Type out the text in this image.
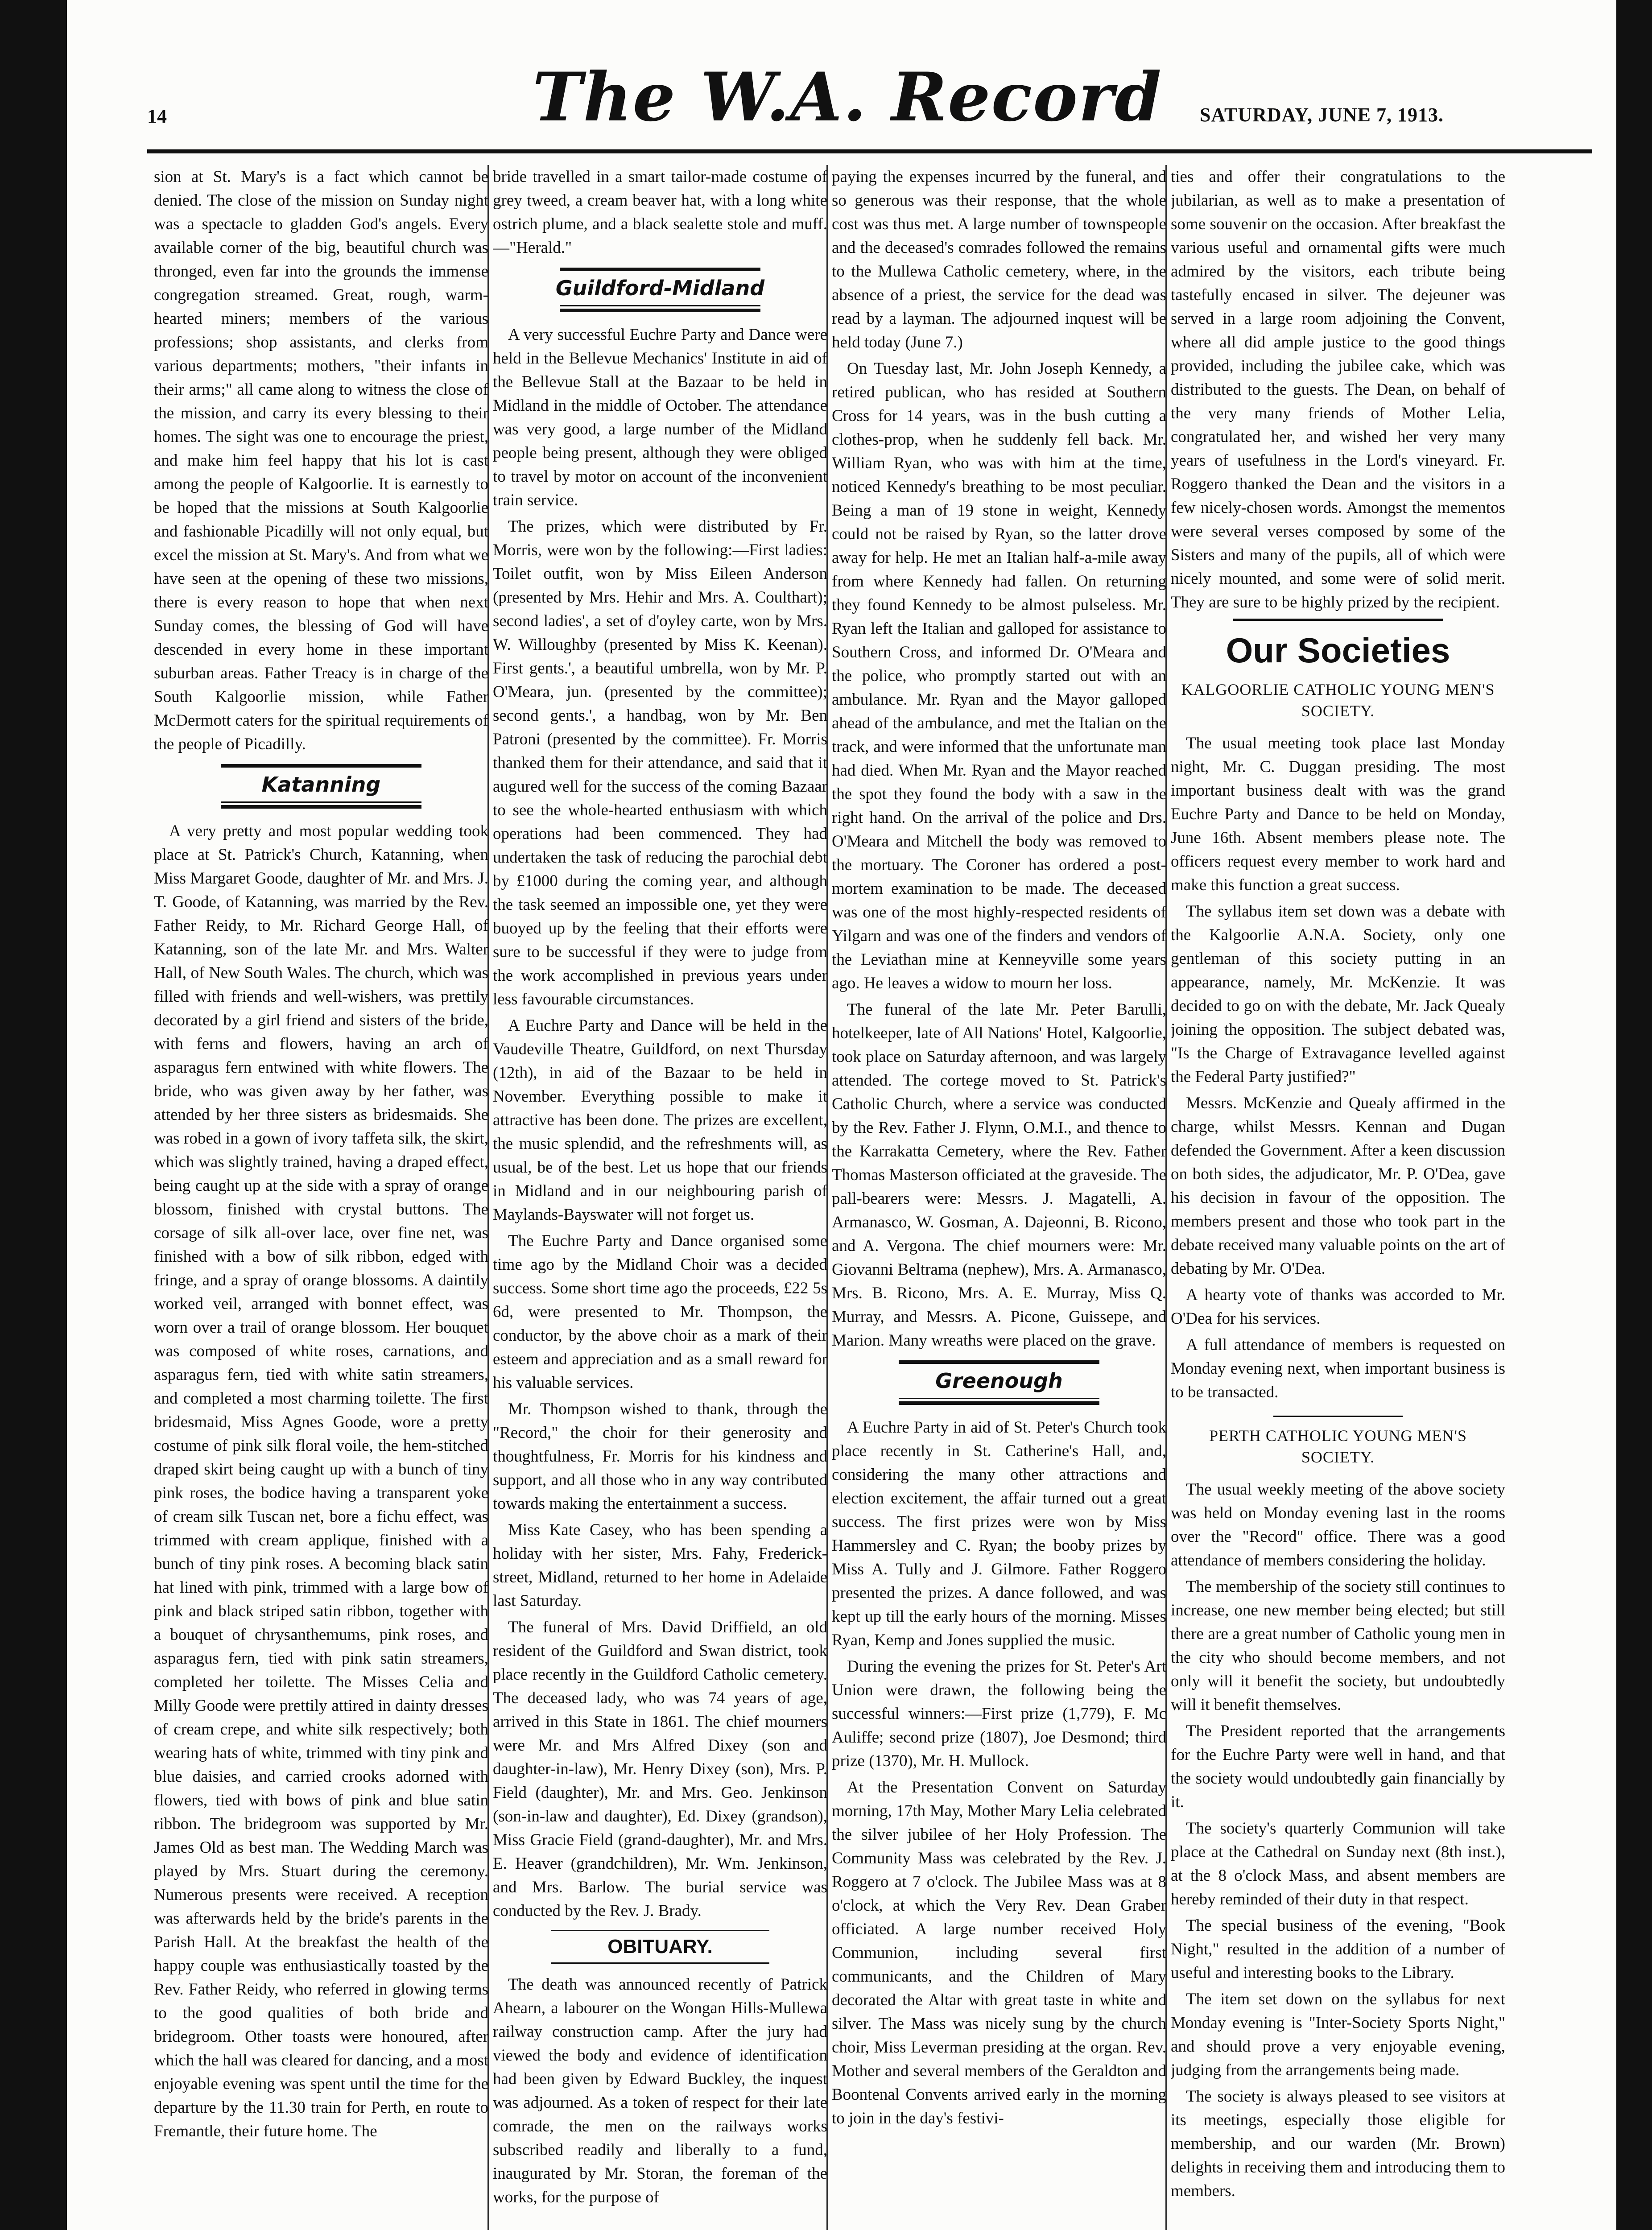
14	The W.A. Record	SATURDAY, JUNE 7, 1913.

sion at St. Mary's is a fact which cannot be denied. The close of the mission on Sunday night was a spectacle to gladden God's angels. Every available corner of the big, beautiful church was thronged, even far into the grounds the immense congregation streamed. Great, rough, warm-hearted miners; members of the various professions; shop assistants, and clerks from various departments; mothers, "their infants in their arms;" all came along to witness the close of the mission, and carry its every blessing to their homes. The sight was one to encourage the priest, and make him feel happy that his lot is cast among the people of Kalgoorlie. It is earnestly to be hoped that the missions at South Kalgoorlie and fashionable Picadilly will not only equal, but excel the mission at St. Mary's. And from what we have seen at the opening of these two missions, there is every reason to hope that when next Sunday comes, the blessing of God will have descended in every home in these important suburban areas. Father Treacy is in charge of the South Kalgoorlie mission, while Father McDermott caters for the spiritual requirements of the people of Picadilly.

Katanning

A very pretty and most popular wedding took place at St. Patrick's Church, Katanning, when Miss Margaret Goode, daughter of Mr. and Mrs. J. T. Goode, of Katanning, was married by the Rev. Father Reidy, to Mr. Richard George Hall, of Katanning, son of the late Mr. and Mrs. Walter Hall, of New South Wales. The church, which was filled with friends and well-wishers, was prettily decorated by a girl friend and sisters of the bride, with ferns and flowers, having an arch of asparagus fern entwined with white flowers. The bride, who was given away by her father, was attended by her three sisters as bridesmaids. She was robed in a gown of ivory taffeta silk, the skirt, which was slightly trained, having a draped effect, being caught up at the side with a spray of orange blossom, finished with crystal buttons. The corsage of silk all-over lace, over fine net, was finished with a bow of silk ribbon, edged with fringe, and a spray of orange blossoms. A daintily worked veil, arranged with bonnet effect, was worn over a trail of orange blossom. Her bouquet was composed of white roses, carnations, and asparagus fern, tied with white satin streamers, and completed a most charming toilette. The first bridesmaid, Miss Agnes Goode, wore a pretty costume of pink silk floral voile, the hem-stitched draped skirt being caught up with a bunch of tiny pink roses, the bodice having a transparent yoke of cream silk Tuscan net, bore a fichu effect, was trimmed with cream applique, finished with a bunch of tiny pink roses. A becoming black satin hat lined with pink, trimmed with a large bow of pink and black striped satin ribbon, together with a bouquet of chrysanthemums, pink roses, and asparagus fern, tied with pink satin streamers, completed her toilette. The Misses Celia and Milly Goode were prettily attired in dainty dresses of cream crepe, and white silk respectively; both wearing hats of white, trimmed with tiny pink and blue daisies, and carried crooks adorned with flowers, tied with bows of pink and blue satin ribbon. The bridegroom was supported by Mr. James Old as best man. The Wedding March was played by Mrs. Stuart during the ceremony. Numerous presents were received. A reception was afterwards held by the bride's parents in the Parish Hall. At the breakfast the health of the happy couple was enthusiastically toasted by the Rev. Father Reidy, who referred in glowing terms to the good qualities of both bride and bridegroom. Other toasts were honoured, after which the hall was cleared for dancing, and a most enjoyable evening was spent until the time for the departure by the 11.30 train for Perth, en route to Fremantle, their future home. The

bride travelled in a smart tailor-made costume of grey tweed, a cream beaver hat, with a long white ostrich plume, and a black sealette stole and muff.—"Herald."

Guildford-Midland

A very successful Euchre Party and Dance were held in the Bellevue Mechanics' Institute in aid of the Bellevue Stall at the Bazaar to be held in Midland in the middle of October. The attendance was very good, a large number of the Midland people being present, although they were obliged to travel by motor on account of the inconvenient train service.

The prizes, which were distributed by Fr. Morris, were won by the following:—First ladies: Toilet outfit, won by Miss Eileen Anderson (presented by Mrs. Hehir and Mrs. A. Coulthart); second ladies', a set of d'oyley carte, won by Mrs. W. Willoughby (presented by Miss K. Keenan). First gents.', a beautiful umbrella, won by Mr. P. O'Meara, jun. (presented by the committee); second gents.', a handbag, won by Mr. Ben Patroni (presented by the committee). Fr. Morris thanked them for their attendance, and said that it augured well for the success of the coming Bazaar to see the whole-hearted enthusiasm with which operations had been commenced. They had undertaken the task of reducing the parochial debt by £1000 during the coming year, and although the task seemed an impossible one, yet they were buoyed up by the feeling that their efforts were sure to be successful if they were to judge from the work accomplished in previous years under less favourable circumstances.

A Euchre Party and Dance will be held in the Vaudeville Theatre, Guildford, on next Thursday (12th), in aid of the Bazaar to be held in November. Everything possible to make it attractive has been done. The prizes are excellent, the music splendid, and the refreshments will, as usual, be of the best. Let us hope that our friends in Midland and in our neighbouring parish of Maylands-Bayswater will not forget us.

The Euchre Party and Dance organised some time ago by the Midland Choir was a decided success. Some short time ago the proceeds, £22 5s 6d, were presented to Mr. Thompson, the conductor, by the above choir as a mark of their esteem and appreciation and as a small reward for his valuable services.

Mr. Thompson wished to thank, through the "Record," the choir for their generosity and thoughtfulness, Fr. Morris for his kindness and support, and all those who in any way contributed towards making the entertainment a success.

Miss Kate Casey, who has been spending a holiday with her sister, Mrs. Fahy, Frederick-street, Midland, returned to her home in Adelaide last Saturday.

The funeral of Mrs. David Driffield, an old resident of the Guildford and Swan district, took place recently in the Guildford Catholic cemetery. The deceased lady, who was 74 years of age, arrived in this State in 1861. The chief mourners were Mr. and Mrs Alfred Dixey (son and daughter-in-law), Mr. Henry Dixey (son), Mrs. P. Field (daughter), Mr. and Mrs. Geo. Jenkinson (son-in-law and daughter), Ed. Dixey (grandson), Miss Gracie Field (grand-daughter), Mr. and Mrs. E. Heaver (grandchildren), Mr. Wm. Jenkinson, and Mrs. Barlow. The burial service was conducted by the Rev. J. Brady.

OBITUARY.

The death was announced recently of Patrick Ahearn, a labourer on the Wongan Hills-Mullewa railway construction camp. After the jury had viewed the body and evidence of identification had been given by Edward Buckley, the inquest was adjourned. As a token of respect for their late comrade, the men on the railways works subscribed readily and liberally to a fund, inaugurated by Mr. Storan, the foreman of the works, for the purpose of

paying the expenses incurred by the funeral, and so generous was their response, that the whole cost was thus met. A large number of townspeople and the deceased's comrades followed the remains to the Mullewa Catholic cemetery, where, in the absence of a priest, the service for the dead was read by a layman. The adjourned inquest will be held today (June 7.)

On Tuesday last, Mr. John Joseph Kennedy, a retired publican, who has resided at Southern Cross for 14 years, was in the bush cutting a clothes-prop, when he suddenly fell back. Mr. William Ryan, who was with him at the time, noticed Kennedy's breathing to be most peculiar. Being a man of 19 stone in weight, Kennedy could not be raised by Ryan, so the latter drove away for help. He met an Italian half-a-mile away from where Kennedy had fallen. On returning they found Kennedy to be almost pulseless. Mr. Ryan left the Italian and galloped for assistance to Southern Cross, and informed Dr. O'Meara and the police, who promptly started out with an ambulance. Mr. Ryan and the Mayor galloped ahead of the ambulance, and met the Italian on the track, and were informed that the unfortunate man had died. When Mr. Ryan and the Mayor reached the spot they found the body with a saw in the right hand. On the arrival of the police and Drs. O'Meara and Mitchell the body was removed to the mortuary. The Coroner has ordered a post-mortem examination to be made. The deceased was one of the most highly-respected residents of Yilgarn and was one of the finders and vendors of the Leviathan mine at Kenneyville some years ago. He leaves a widow to mourn her loss.

The funeral of the late Mr. Peter Barulli, hotelkeeper, late of All Nations' Hotel, Kalgoorlie, took place on Saturday afternoon, and was largely attended. The cortege moved to St. Patrick's Catholic Church, where a service was conducted by the Rev. Father J. Flynn, O.M.I., and thence to the Karrakatta Cemetery, where the Rev. Father Thomas Masterson officiated at the graveside. The pall-bearers were: Messrs. J. Magatelli, A. Armanasco, W. Gosman, A. Dajeonni, B. Ricono, and A. Vergona. The chief mourners were: Mr. Giovanni Beltrama (nephew), Mrs. A. Armanasco, Mrs. B. Ricono, Mrs. A. E. Murray, Miss Q. Murray, and Messrs. A. Picone, Guissepe, and Marion. Many wreaths were placed on the grave.

Greenough

A Euchre Party in aid of St. Peter's Church took place recently in St. Catherine's Hall, and, considering the many other attractions and election excitement, the affair turned out a great success. The first prizes were won by Miss Hammersley and C. Ryan; the booby prizes by Miss A. Tully and J. Gilmore. Father Roggero presented the prizes. A dance followed, and was kept up till the early hours of the morning. Misses Ryan, Kemp and Jones supplied the music.

During the evening the prizes for St. Peter's Art Union were drawn, the following being the successful winners:—First prize (1,779), F. Mc Auliffe; second prize (1807), Joe Desmond; third prize (1370), Mr. H. Mullock.

At the Presentation Convent on Saturday morning, 17th May, Mother Mary Lelia celebrated the silver jubilee of her Holy Profession. The Community Mass was celebrated by the Rev. J. Roggero at 7 o'clock. The Jubilee Mass was at 8 o'clock, at which the Very Rev. Dean Graber officiated. A large number received Holy Communion, including several first communicants, and the Children of Mary decorated the Altar with great taste in white and silver. The Mass was nicely sung by the church choir, Miss Leverman presiding at the organ. Rev. Mother and several members of the Geraldton and Boontenal Convents arrived early in the morning to join in the day's festivi-

ties and offer their congratulations to the jubilarian, as well as to make a presentation of some souvenir on the occasion. After breakfast the various useful and ornamental gifts were much admired by the visitors, each tribute being tastefully encased in silver. The dejeuner was served in a large room adjoining the Convent, where all did ample justice to the good things provided, including the jubilee cake, which was distributed to the guests. The Dean, on behalf of the very many friends of Mother Lelia, congratulated her, and wished her very many years of usefulness in the Lord's vineyard. Fr. Roggero thanked the Dean and the visitors in a few nicely-chosen words. Amongst the mementos were several verses composed by some of the Sisters and many of the pupils, all of which were nicely mounted, and some were of solid merit. They are sure to be highly prized by the recipient.

Our Societies
KALGOORLIE CATHOLIC YOUNG MEN'S SOCIETY.

The usual meeting took place last Monday night, Mr. C. Duggan presiding. The most important business dealt with was the grand Euchre Party and Dance to be held on Monday, June 16th. Absent members please note. The officers request every member to work hard and make this function a great success.

The syllabus item set down was a debate with the Kalgoorlie A.N.A. Society, only one gentleman of this society putting in an appearance, namely, Mr. McKenzie. It was decided to go on with the debate, Mr. Jack Quealy joining the opposition. The subject debated was, "Is the Charge of Extravagance levelled against the Federal Party justified?"

Messrs. McKenzie and Quealy affirmed in the charge, whilst Messrs. Kennan and Dugan defended the Government. After a keen discussion on both sides, the adjudicator, Mr. P. O'Dea, gave his decision in favour of the opposition. The members present and those who took part in the debate received many valuable points on the art of debating by Mr. O'Dea.

A hearty vote of thanks was accorded to Mr. O'Dea for his services.

A full attendance of members is requested on Monday evening next, when important business is to be transacted.

PERTH CATHOLIC YOUNG MEN'S SOCIETY.

The usual weekly meeting of the above society was held on Monday evening last in the rooms over the "Record" office. There was a good attendance of members considering the holiday.

The membership of the society still continues to increase, one new member being elected; but still there are a great number of Catholic young men in the city who should become members, and not only will it benefit the society, but undoubtedly will it benefit themselves.

The President reported that the arrangements for the Euchre Party were well in hand, and that the society would undoubtedly gain financially by it.

The society's quarterly Communion will take place at the Cathedral on Sunday next (8th inst.), at the 8 o'clock Mass, and absent members are hereby reminded of their duty in that respect.

The special business of the evening, "Book Night," resulted in the addition of a number of useful and interesting books to the Library.

The item set down on the syllabus for next Monday evening is "Inter-Society Sports Night," and should prove a very enjoyable evening, judging from the arrangements being made.

The society is always pleased to see visitors at its meetings, especially those eligible for membership, and our warden (Mr. Brown) delights in receiving them and introducing them to members.
